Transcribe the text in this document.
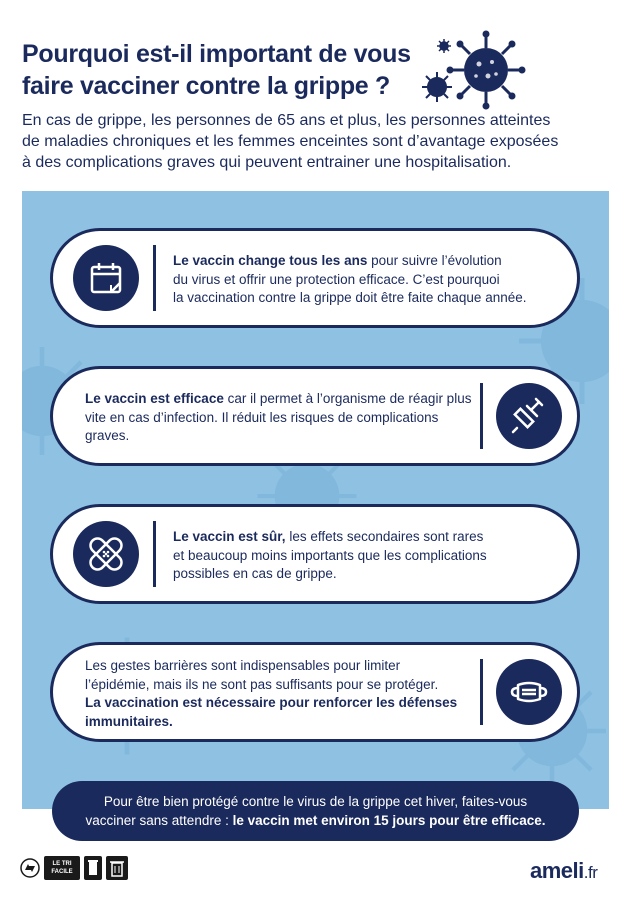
Pourquoi est-il important de vous
faire vacciner contre la grippe ?
En cas de grippe, les personnes de 65 ans et plus, les personnes atteintes
de maladies chroniques et les femmes enceintes sont d’avantage exposées
à des complications graves qui peuvent entrainer une hospitalisation.
Le vaccin change tous les ans pour suivre l’évolution
du virus et offrir une protection efficace. C’est pourquoi
la vaccination contre la grippe doit être faite chaque année.
Le vaccin est efficace car il permet à l’organisme de réagir plus
vite en cas d’infection. Il réduit les risques de complications
graves.
Le vaccin est sûr, les effets secondaires sont rares
et beaucoup moins importants que les complications
possibles en cas de grippe.
Les gestes barrières sont indispensables pour limiter
l’épidémie, mais ils ne sont pas suffisants pour se protéger.
La vaccination est nécessaire pour renforcer les défenses
immunitaires.
Pour être bien protégé contre le virus de la grippe cet hiver, faites-vous
vacciner sans attendre : le vaccin met environ 15 jours pour être efficace.
LE TRI
FACILE	ameli.fr
